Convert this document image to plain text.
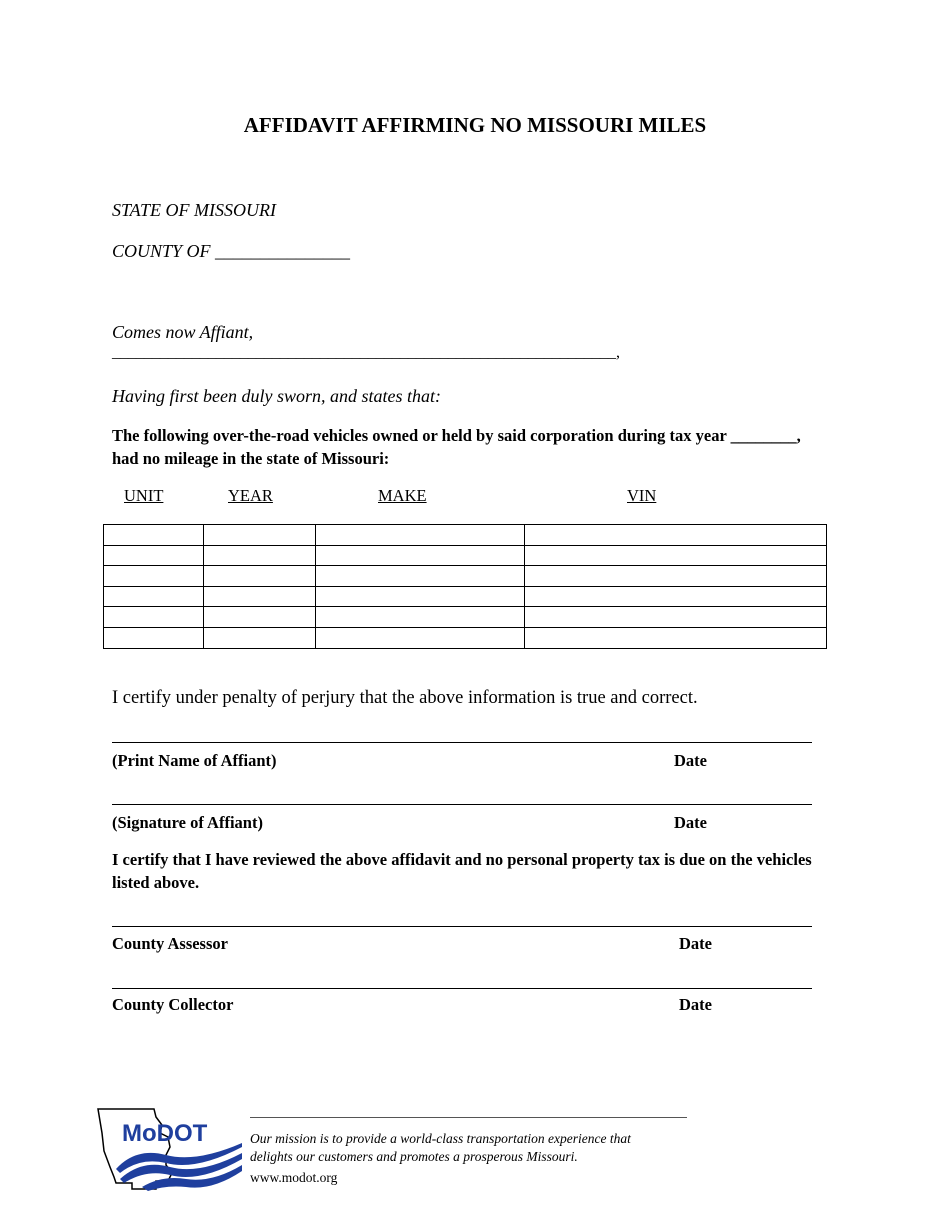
AFFIDAVIT AFFIRMING NO MISSOURI MILES
STATE OF MISSOURI
COUNTY OF _______________
Comes now Affiant,
_______________________________________________________________,
Having first been duly sworn, and states that:
The following over-the-road vehicles owned or held by said corporation during tax year ________,
had no mileage in the state of Missouri:
UNIT	YEAR	MAKE	VIN

I certify under penalty of perjury that the above information is true and correct.
(Print Name of Affiant)	Date
(Signature of Affiant)	Date
I certify that I have reviewed the above affidavit and no personal property tax is due on the vehicles
listed above.
County Assessor	Date
County Collector	Date
MoDOT	Our mission is to provide a world-class transportation experience that
delights our customers and promotes a prosperous Missouri.
www.modot.org
